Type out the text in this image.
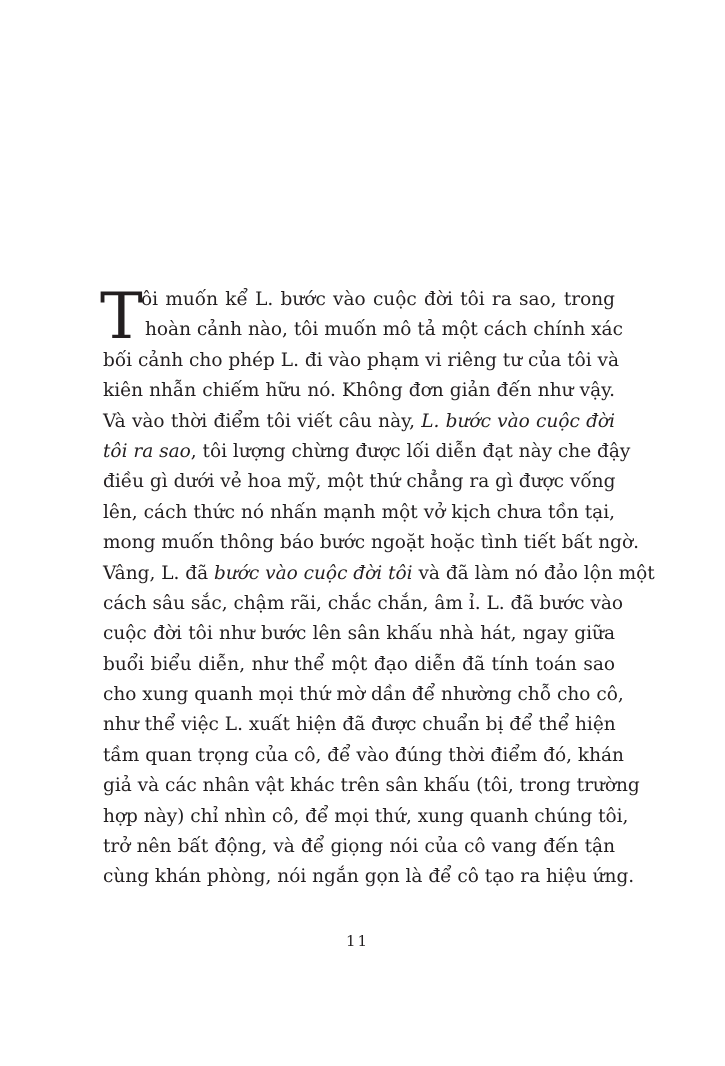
T
ôi muốn kể L. bước vào cuộc đời tôi ra sao, trong
hoàn cảnh nào, tôi muốn mô tả một cách chính xác
bối cảnh cho phép L. đi vào phạm vi riêng tư của tôi và
kiên nhẫn chiếm hữu nó. Không đơn giản đến như vậy.
Và vào thời điểm tôi viết câu này, L. bước vào cuộc đời
tôi ra sao, tôi lượng chừng được lối diễn đạt này che đậy
điều gì dưới vẻ hoa mỹ, một thứ chẳng ra gì được vống
lên, cách thức nó nhấn mạnh một vở kịch chưa tồn tại,
mong muốn thông báo bước ngoặt hoặc tình tiết bất ngờ.
Vâng, L. đã bước vào cuộc đời tôi và đã làm nó đảo lộn một
cách sâu sắc, chậm rãi, chắc chắn, âm ỉ. L. đã bước vào
cuộc đời tôi như bước lên sân khấu nhà hát, ngay giữa
buổi biểu diễn, như thể một đạo diễn đã tính toán sao
cho xung quanh mọi thứ mờ dần để nhường chỗ cho cô,
như thể việc L. xuất hiện đã được chuẩn bị để thể hiện
tầm quan trọng của cô, để vào đúng thời điểm đó, khán
giả và các nhân vật khác trên sân khấu (tôi, trong trường
hợp này) chỉ nhìn cô, để mọi thứ, xung quanh chúng tôi,
trở nên bất động, và để giọng nói của cô vang đến tận
cùng khán phòng, nói ngắn gọn là để cô tạo ra hiệu ứng.
11
